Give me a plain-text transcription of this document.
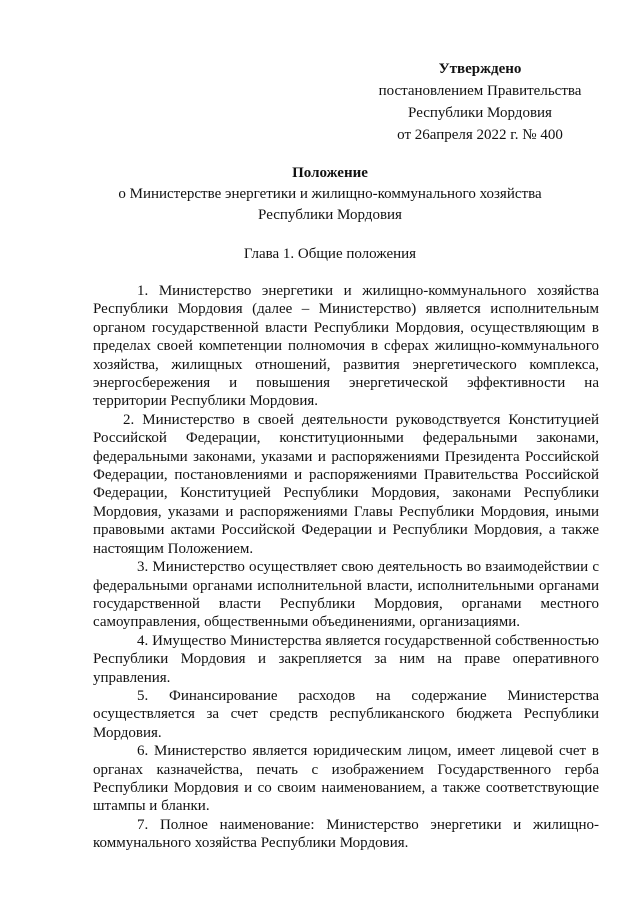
Утверждено
постановлением Правительства
Республики Мордовия
от 26апреля 2022 г. № 400
Положение
о Министерстве энергетики и жилищно-коммунального хозяйства
Республики Мордовия
Глава 1. Общие положения

1. Министерство энергетики и жилищно-коммунального хозяйства Республики Мордовия (далее – Министерство) является исполнительным органом государственной власти Республики Мордовия, осуществляющим в пределах своей компетенции полномочия в сферах жилищно-коммунального хозяйства, жилищных отношений, развития энергетического комплекса, энергосбережения и повышения энергетической эффективности на территории Республики Мордовия.

2. Министерство в своей деятельности руководствуется Конституцией Российской Федерации, конституционными федеральными законами, федеральными законами, указами и распоряжениями Президента Российской Федерации, постановлениями и распоряжениями Правительства Российской Федерации, Конституцией Республики Мордовия, законами Республики Мордовия, указами и распоряжениями Главы Республики Мордовия, иными правовыми актами Российской Федерации и Республики Мордовия, а также настоящим Положением.

3. Министерство осуществляет свою деятельность во взаимодействии с федеральными органами исполнительной власти, исполнительными органами государственной власти Республики Мордовия, органами местного самоуправления, общественными объединениями, организациями.

4. Имущество Министерства является государственной собственностью Республики Мордовия и закрепляется за ним на праве оперативного управления.

5. Финансирование расходов на содержание Министерства осуществляется за счет средств республиканского бюджета Республики Мордовия.

6. Министерство является юридическим лицом, имеет лицевой счет в органах казначейства, печать с изображением Государственного герба Республики Мордовия и со своим наименованием, а также соответствующие штампы и бланки.

7. Полное наименование: Министерство энергетики и жилищно-коммунального хозяйства Республики Мордовия.
